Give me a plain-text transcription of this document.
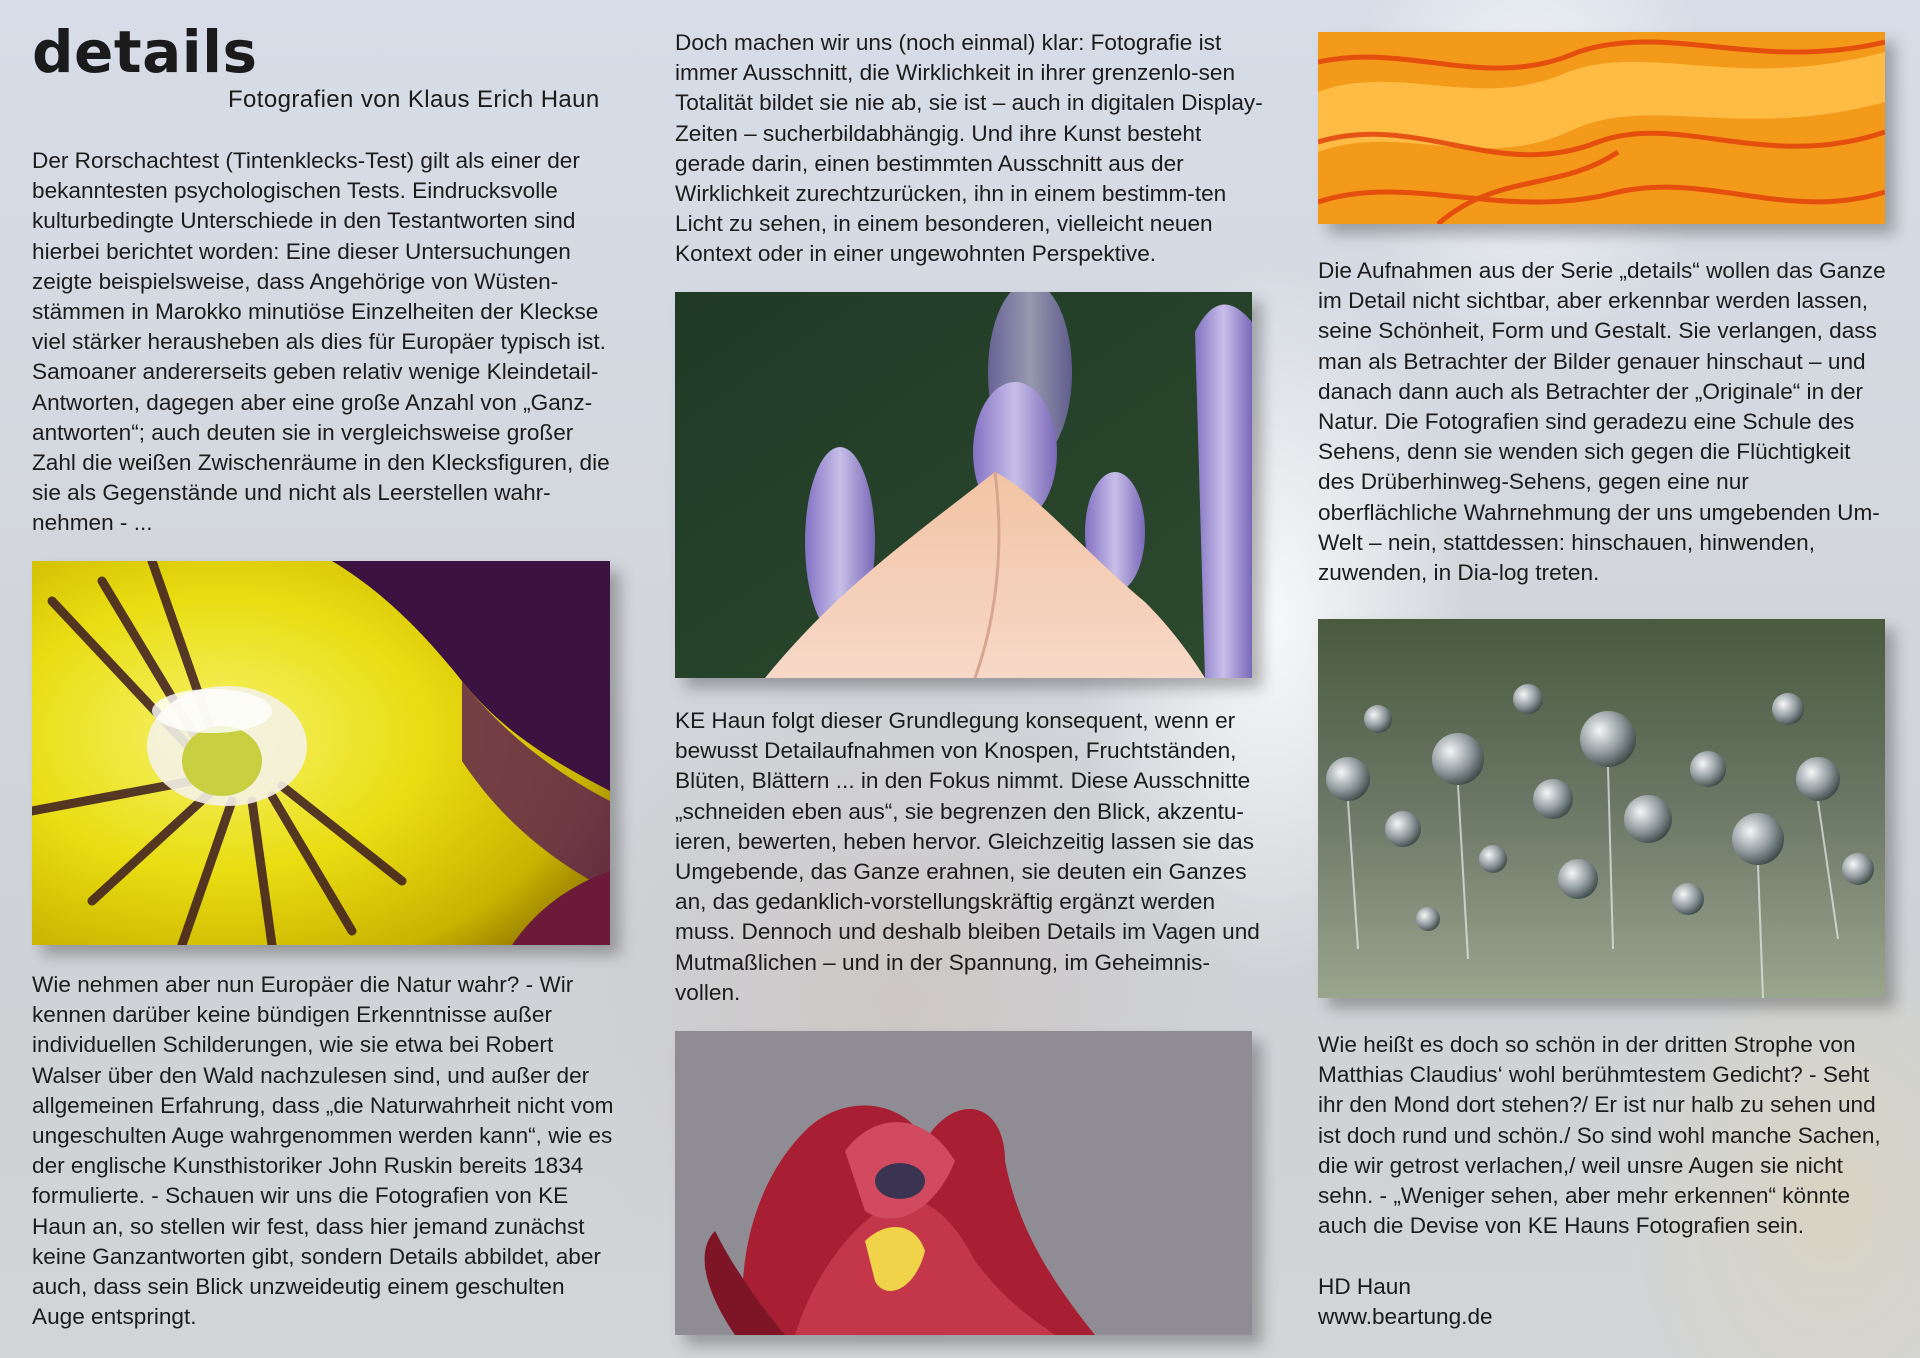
details

Fotografien von Klaus Erich Haun

Der Rorschachtest (Tintenklecks-Test) gilt als einer der bekanntesten psychologischen Tests. Eindrucksvolle kulturbedingte Unterschiede in den Testantworten sind hierbei berichtet worden: Eine dieser Untersuchungen zeigte beispielsweise, dass Angehörige von Wüsten-stämmen in Marokko minutiöse Einzelheiten der Kleckse viel stärker herausheben als dies für Europäer typisch ist. Samoaner andererseits geben relativ wenige Kleindetail-Antworten, dagegen aber eine große Anzahl von „Ganz-antworten“; auch deuten sie in vergleichsweise großer Zahl die weißen Zwischenräume in den Klecksfiguren, die sie als Gegenstände und nicht als Leerstellen wahr-nehmen - ...

Wie nehmen aber nun Europäer die Natur wahr? - Wir kennen darüber keine bündigen Erkenntnisse außer individuellen Schilderungen, wie sie etwa bei Robert Walser über den Wald nachzulesen sind, und außer der allgemeinen Erfahrung, dass „die Naturwahrheit nicht vom ungeschulten Auge wahrgenommen werden kann“, wie es der englische Kunsthistoriker John Ruskin bereits 1834 formulierte. - Schauen wir uns die Fotografien von KE Haun an, so stellen wir fest, dass hier jemand zunächst keine Ganzantworten gibt, sondern Details abbildet, aber auch, dass sein Blick unzweideutig einem geschulten Auge entspringt.

Doch machen wir uns (noch einmal) klar: Fotografie ist immer Ausschnitt, die Wirklichkeit in ihrer grenzenlo-sen Totalität bildet sie nie ab, sie ist – auch in digitalen Display-Zeiten – sucherbildabhängig. Und ihre Kunst besteht gerade darin, einen bestimmten Ausschnitt aus der Wirklichkeit zurechtzurücken, ihn in einem bestimm-ten Licht zu sehen, in einem besonderen, vielleicht neuen Kontext oder in einer ungewohnten Perspektive.

KE Haun folgt dieser Grundlegung konsequent, wenn er bewusst Detailaufnahmen von Knospen, Fruchtständen, Blüten, Blättern ... in den Fokus nimmt. Diese Ausschnitte „schneiden eben aus“, sie begrenzen den Blick, akzentu-ieren, bewerten, heben hervor. Gleichzeitig lassen sie das Umgebende, das Ganze erahnen, sie deuten ein Ganzes an, das gedanklich-vorstellungskräftig ergänzt werden muss. Dennoch und deshalb bleiben Details im Vagen und Mutmaßlichen – und in der Spannung, im Geheimnis-vollen.

Die Aufnahmen aus der Serie „details“ wollen das Ganze im Detail nicht sichtbar, aber erkennbar werden lassen, seine Schönheit, Form und Gestalt. Sie verlangen, dass man als Betrachter der Bilder genauer hinschaut – und danach dann auch als Betrachter der „Originale“ in der Natur. Die Fotografien sind geradezu eine Schule des Sehens, denn sie wenden sich gegen die Flüchtigkeit des Drüberhinweg-Sehens, gegen eine nur oberflächliche Wahrnehmung der uns umgebenden Um-Welt – nein, stattdessen: hinschauen, hinwenden, zuwenden, in Dia-log treten.

Wie heißt es doch so schön in der dritten Strophe von Matthias Claudius‘ wohl berühmtestem Gedicht? - Seht ihr den Mond dort stehen?/ Er ist nur halb zu sehen und ist doch rund und schön./ So sind wohl manche Sachen, die wir getrost verlachen,/ weil unsre Augen sie nicht sehn. - „Weniger sehen, aber mehr erkennen“ könnte auch die Devise von KE Hauns Fotografien sein.

HD Haun

www.beartung.de
